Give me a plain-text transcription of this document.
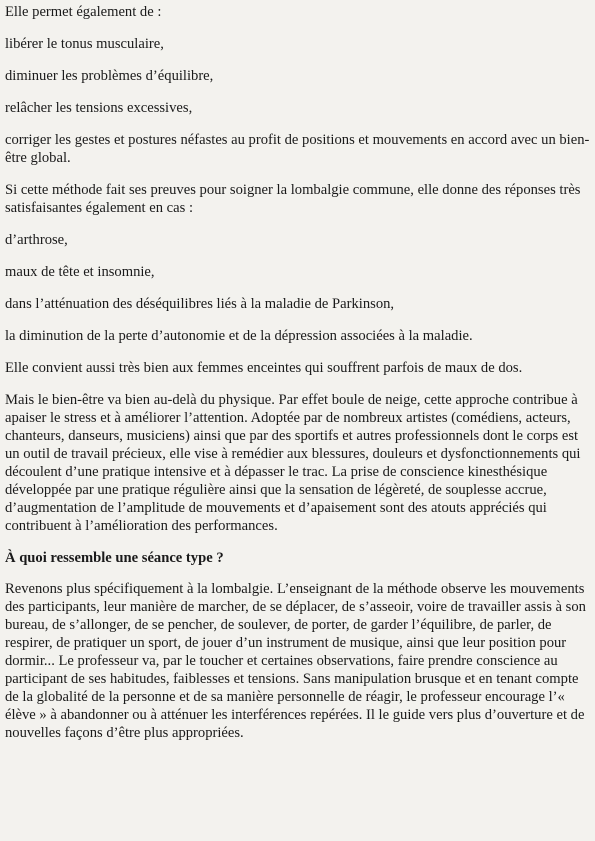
Elle permet également de :

libérer le tonus musculaire,

diminuer les problèmes d’équilibre,

relâcher les tensions excessives,

corriger les gestes et postures néfastes au profit de positions et mouvements en accord avec un bien-être global.

Si cette méthode fait ses preuves pour soigner la lombalgie commune, elle donne des réponses très satisfaisantes également en cas :

d’arthrose,

maux de tête et insomnie,

dans l’atténuation des déséquilibres liés à la maladie de Parkinson,

la diminution de la perte d’autonomie et de la dépression associées à la maladie.

Elle convient aussi très bien aux femmes enceintes qui souffrent parfois de maux de dos.

Mais le bien-être va bien au-delà du physique. Par effet boule de neige, cette approche contribue à apaiser le stress et à améliorer l’attention. Adoptée par de nombreux artistes (comédiens, acteurs, chanteurs, danseurs, musiciens) ainsi que par des sportifs et autres professionnels dont le corps est un outil de travail précieux, elle vise à remédier aux blessures, douleurs et dysfonctionnements qui découlent d’une pratique intensive et à dépasser le trac. La prise de conscience kinesthésique développée par une pratique régulière ainsi que la sensation de légèreté, de souplesse accrue, d’augmentation de l’amplitude de mouvements et d’apaisement sont des atouts appréciés qui contribuent à l’amélioration des performances.

À quoi ressemble une séance type ?

Revenons plus spécifiquement à la lombalgie. L’enseignant de la méthode observe les mouvements des participants, leur manière de marcher, de se déplacer, de s’asseoir, voire de travailler assis à son bureau, de s’allonger, de se pencher, de soulever, de porter, de garder l’équilibre, de parler, de respirer, de pratiquer un sport, de jouer d’un instrument de musique, ainsi que leur position pour dormir... Le professeur va, par le toucher et certaines observations, faire prendre conscience au participant de ses habitudes, faiblesses et tensions. Sans manipulation brusque et en tenant compte de la globalité de la personne et de sa manière personnelle de réagir, le professeur encourage l’« élève » à abandonner ou à atténuer les interférences repérées. Il le guide vers plus d’ouverture et de nouvelles façons d’être plus appropriées.
